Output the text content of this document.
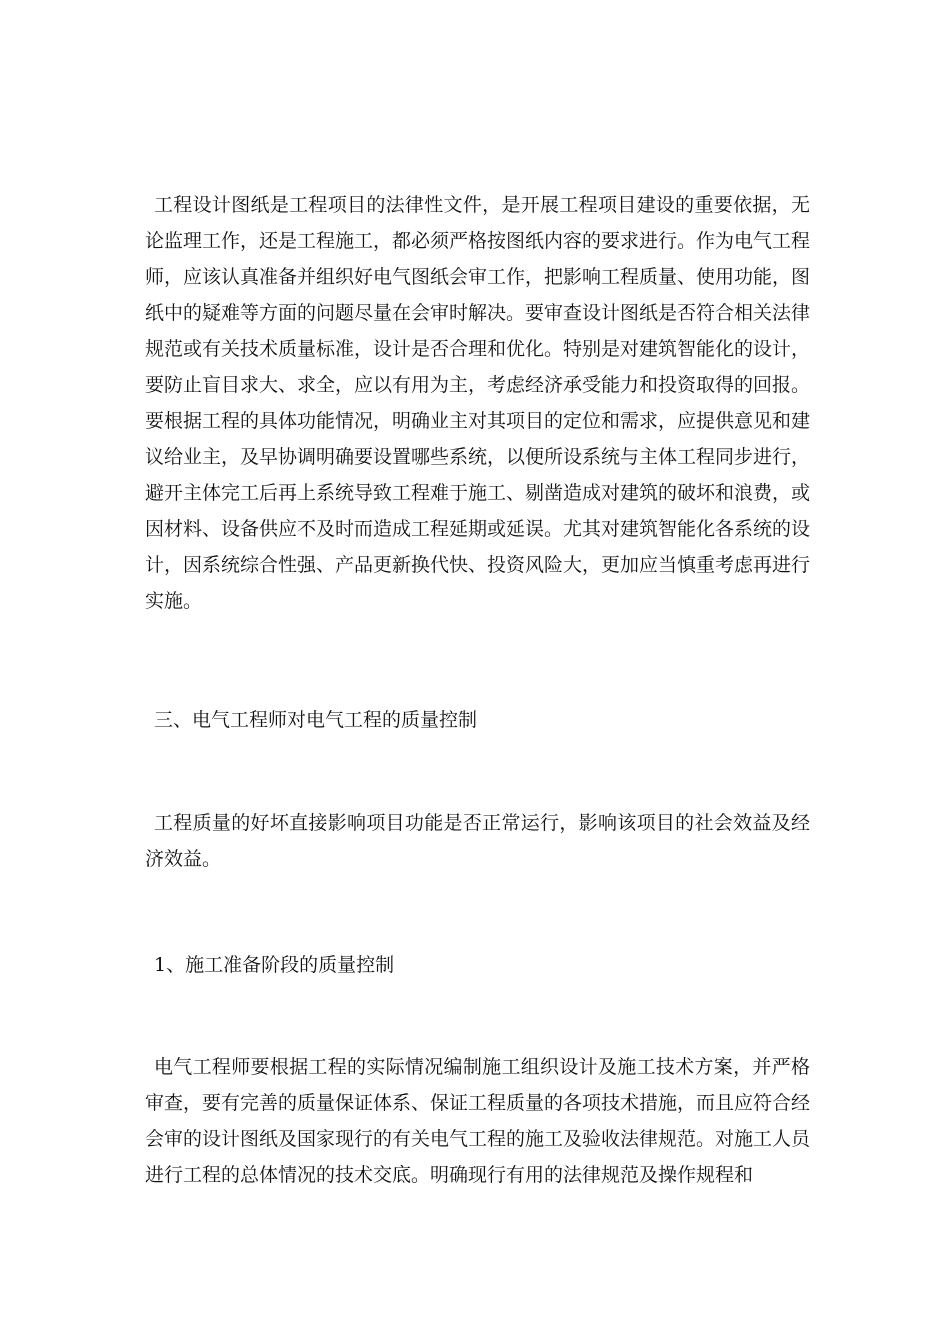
工程设计图纸是工程项目的法律性文件，是开展工程项目建设的重要依据，无论监理工作，还是工程施工，都必须严格按图纸内容的要求进行。作为电气工程师，应该认真准备并组织好电气图纸会审工作，把影响工程质量、使用功能，图纸中的疑难等方面的问题尽量在会审时解决。要审查设计图纸是否符合相关法律规范或有关技术质量标准，设计是否合理和优化。特别是对建筑智能化的设计，要防止盲目求大、求全，应以有用为主，考虑经济承受能力和投资取得的回报。要根据工程的具体功能情况，明确业主对其项目的定位和需求，应提供意见和建议给业主，及早协调明确要设置哪些系统，以便所设系统与主体工程同步进行，避开主体完工后再上系统导致工程难于施工、剔凿造成对建筑的破坏和浪费，或因材料、设备供应不及时而造成工程延期或延误。尤其对建筑智能化各系统的设计，因系统综合性强、产品更新换代快、投资风险大，更加应当慎重考虑再进行实施。

三、电气工程师对电气工程的质量控制

工程质量的好坏直接影响项目功能是否正常运行，影响该项目的社会效益及经济效益。

1、施工准备阶段的质量控制

电气工程师要根据工程的实际情况编制施工组织设计及施工技术方案，并严格审查，要有完善的质量保证体系、保证工程质量的各项技术措施，而且应符合经会审的设计图纸及国家现行的有关电气工程的施工及验收法律规范。对施工人员进行工程的总体情况的技术交底。明确现行有用的法律规范及操作规程和
